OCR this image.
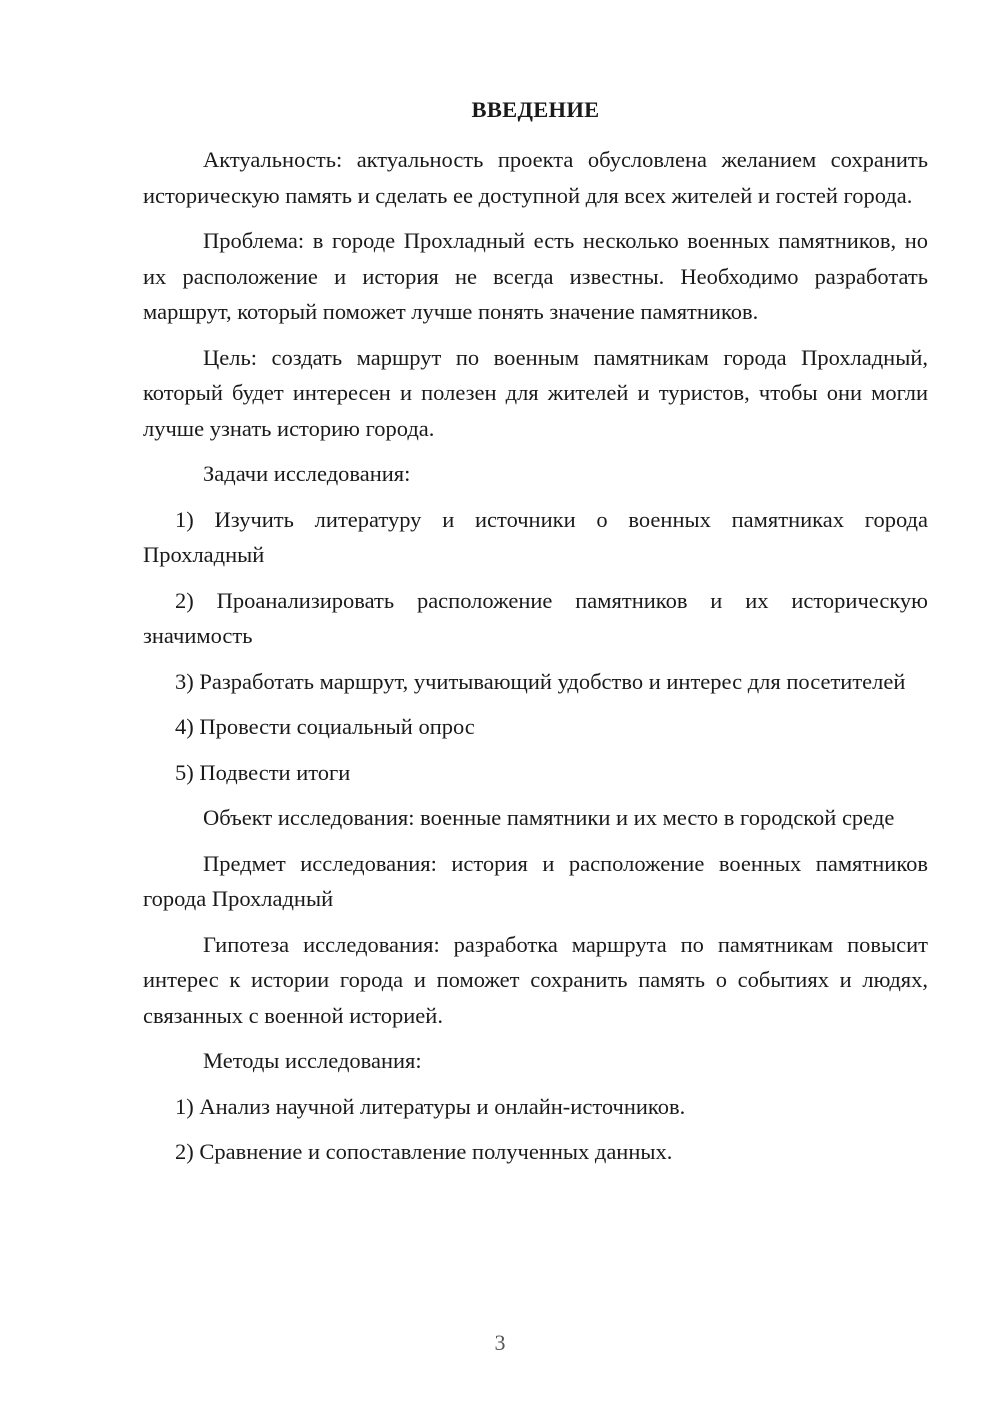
ВВЕДЕНИЕ

Актуальность: актуальность проекта обусловлена желанием сохранить историческую память и сделать ее доступной для всех жителей и гостей города.

Проблема: в городе Прохладный есть несколько военных памятников, но их расположение и история не всегда известны. Необходимо разработать маршрут, который поможет лучше понять значение памятников.

Цель: создать маршрут по военным памятникам города Прохладный, который будет интересен и полезен для жителей и туристов, чтобы они могли лучше узнать историю города.

Задачи исследования:

1) Изучить литературу и источники о военных памятниках города Прохладный

2) Проанализировать расположение памятников и их историческую значимость

3) Разработать маршрут, учитывающий удобство и интерес для посетителей

4) Провести социальный опрос

5) Подвести итоги

Объект исследования: военные памятники и их место в городской среде

Предмет исследования: история и расположение военных памятников города Прохладный

Гипотеза исследования: разработка маршрута по памятникам повысит интерес к истории города и поможет сохранить память о событиях и людях, связанных с военной историей.

Методы исследования:

1) Анализ научной литературы и онлайн-источников.

2) Сравнение и сопоставление полученных данных.

3
